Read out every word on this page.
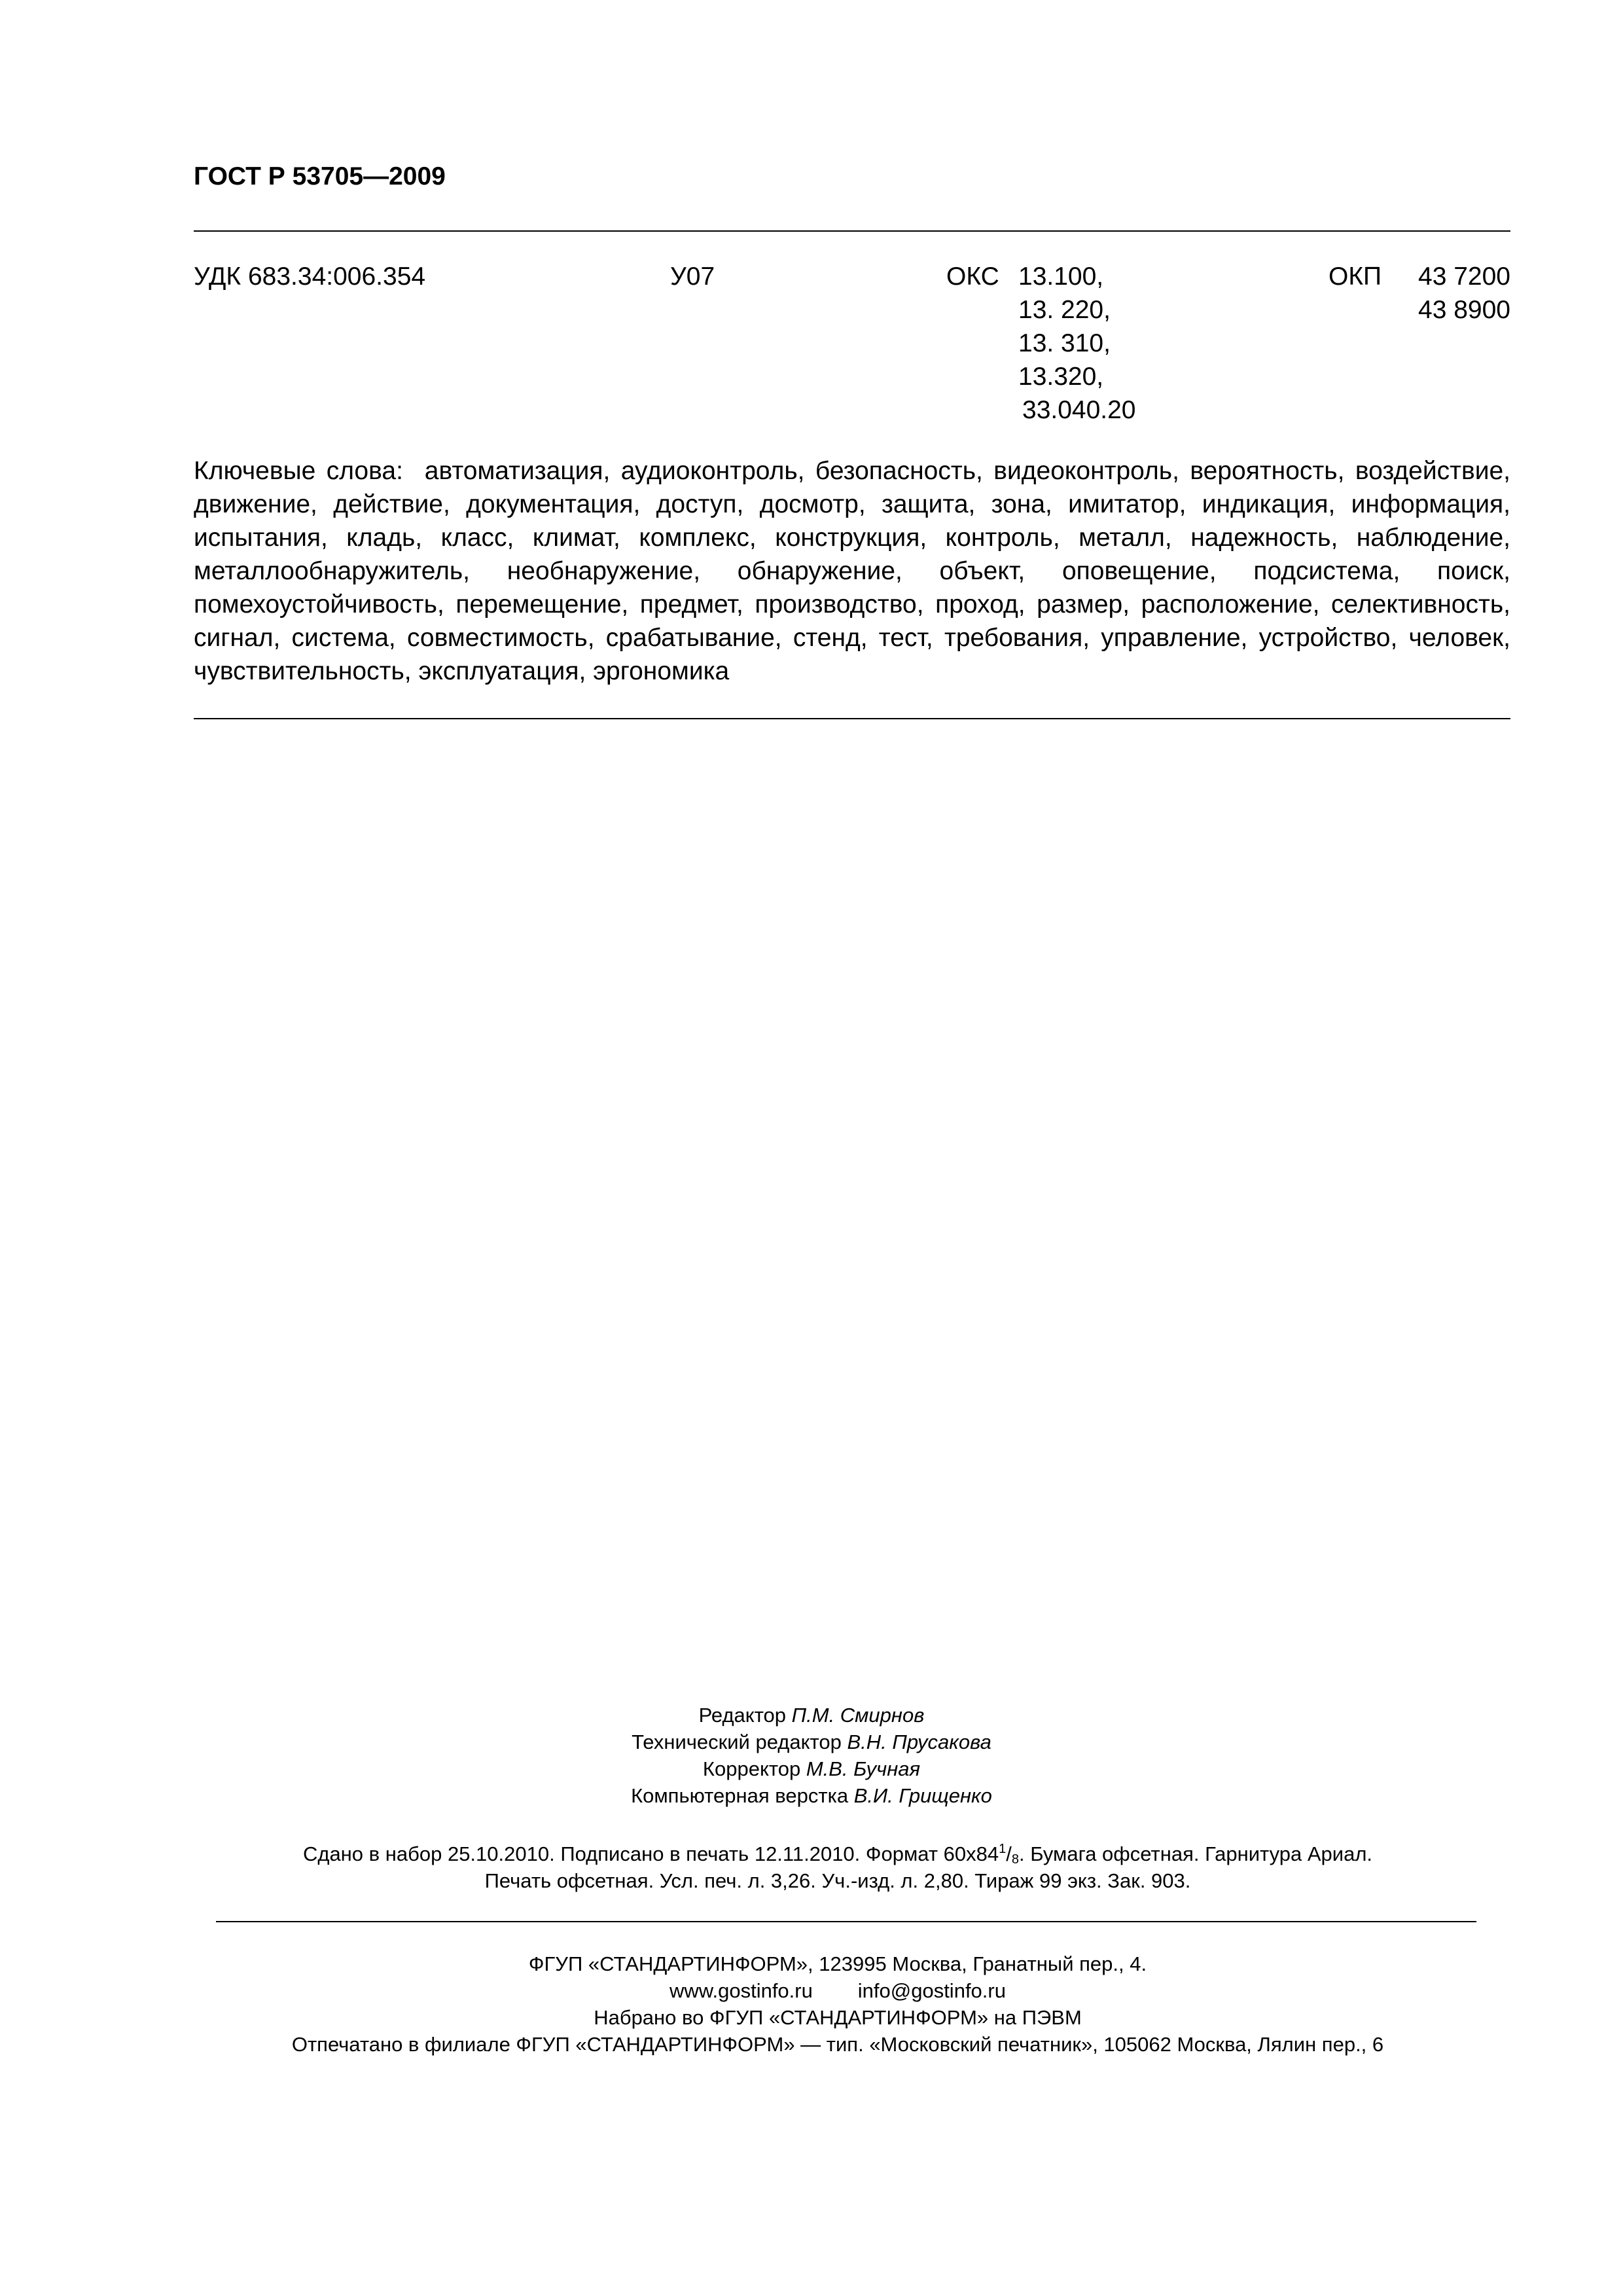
ГОСТ Р 53705—2009
УДК 683.34:006.354	У07	ОКС 13.100,
13. 220,
13. 310,
13.320,
33.040.20
ОКП 43 7200
43 8900
Ключевые слова: автоматизация, аудиоконтроль, безопасность, видеоконтроль, вероятность, воздействие, движение, действие, документация, доступ, досмотр, защита, зона, имитатор, индикация, информация, испытания, кладь, класс, климат, комплекс, конструкция, контроль, металл, надежность, наблюдение, металлообнаружитель, необнаружение, обнаружение, объект, оповещение, подсистема, поиск, помехоустойчивость, перемещение, предмет, производство, проход, размер, расположение, селективность, сигнал, система, совместимость, срабатывание, стенд, тест, требования, управление, устройство, человек, чувствительность, эксплуатация, эргономика
Редактор П.М. Смирнов
Технический редактор В.Н. Прусакова
Корректор М.В. Бучная
Компьютерная верстка В.И. Грищенко
Сдано в набор 25.10.2010. Подписано в печать 12.11.2010. Формат $60x84^1/_8$. Бумага офсетная. Гарнитура Ариал.
Печать офсетная. Усл. печ. л. 3,26. Уч.-изд. л. 2,80. Тираж 99 экз. Зак. 903.
ФГУП «СТАНДАРТИНФОРМ», 123995 Москва, Гранатный пер., 4.
www.gostinfo.ru info@gostinfo.ru
Набрано во ФГУП «СТАНДАРТИНФОРМ» на ПЭВМ
Отпечатано в филиале ФГУП «СТАНДАРТИНФОРМ» — тип. «Московский печатник», 105062 Москва, Лялин пер., 6
